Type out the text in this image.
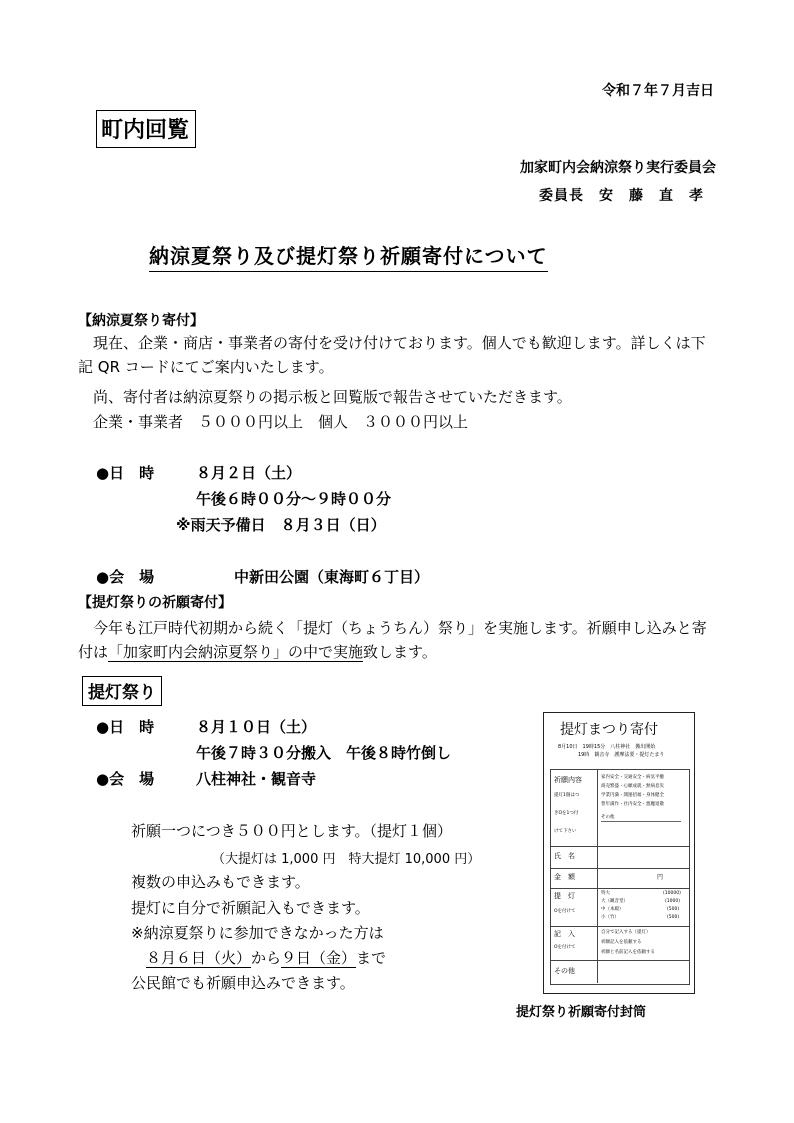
令和７年７月吉日
町内回覧
加家町内会納涼祭り実行委員会
委員長　安　藤　直　孝
納涼夏祭り及び提灯祭り祈願寄付について
【納涼夏祭り寄付】
　現在、企業・商店・事業者の寄付を受け付けております。個人でも歓迎します。詳しくは下記 QR コードにてご案内いたします。
　尚、寄付者は納涼夏祭りの掲示板と回覧版で報告させていただきます。
　企業・事業者　５０００円以上　個人　３０００円以上
●日　時	８月２日（土）
午後６時００分～９時００分
※雨天予備日　８月３日（日）
●会　場	中新田公園（東海町６丁目）
【提灯祭りの祈願寄付】
　今年も江戸時代初期から続く「提灯（ちょうちん）祭り」を実施します。祈願申し込みと寄付は「加家町内会納涼夏祭り」の中で実施致します。
提灯祭り
●日　時	８月１０日（土）
午後７時３０分搬入　午後８時竹倒し
●会　場	八柱神社・観音寺
祈願一つにつき５００円とします。（提灯１個）
（大提灯は 1,000 円　特大提灯 10,000 円）
複数の申込みもできます。
提灯に自分で祈願記入もできます。
※納涼夏祭りに参加できなかった方は
８月６日（火）から９日（金）まで
公民館でも祈願申込みできます。
提灯まつり寄付
8月10日　19時15分　八柱神社　搬出開始
19時　観音寺　護摩法要・提灯たまり
祈願内容
提灯1個はつ
きOを1つ付
けて下さい
家内安全・交通安全・病気平癒
商売繁盛・心願成就・無病息災
学業円満・開運招福・身体健全
豊年満作・社内安全・悪魔退散
その他
氏　名
金　額	円
提　灯
Oを付けて
特大	(10000)
大（観音堂）	(1000)
中（本殿）	(500)
小（竹）	(500)
記　入
Oを付けて
自分で記入する（提灯）
祈願記入を依頼する
祈願と名前記入を依頼する
その他
提灯祭り祈願寄付封筒
